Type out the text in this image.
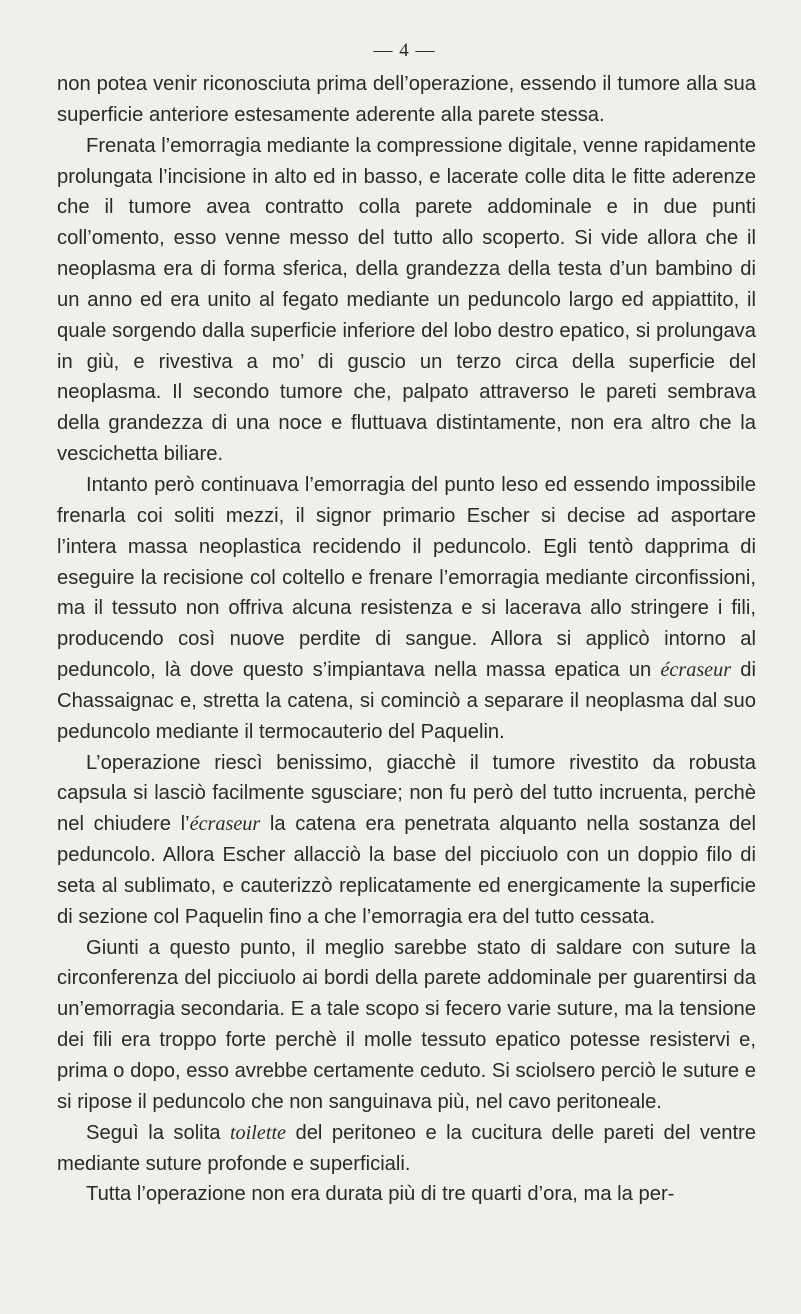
— 4 —

non potea venir riconosciuta prima dell’operazione, essendo il tumore alla sua superficie anteriore estesamente aderente alla parete stessa.

Frenata l’emorragia mediante la compressione digitale, venne rapidamente prolungata l’incisione in alto ed in basso, e lacerate colle dita le fitte aderenze che il tumore avea contratto colla parete addominale e in due punti coll’omento, esso venne messo del tutto allo scoperto. Si vide allora che il neoplasma era di forma sferica, della grandezza della testa d’un bambino di un anno ed era unito al fegato mediante un peduncolo largo ed appiattito, il quale sorgendo dalla superficie inferiore del lobo destro epatico, si prolungava in giù, e rivestiva a mo’ di guscio un terzo circa della superficie del neoplasma. Il secondo tumore che, palpato attraverso le pareti sembrava della grandezza di una noce e fluttuava distintamente, non era altro che la vescichetta biliare.

Intanto però continuava l’emorragia del punto leso ed essendo impossibile frenarla coi soliti mezzi, il signor primario Escher si decise ad asportare l’intera massa neoplastica recidendo il peduncolo. Egli tentò dapprima di eseguire la recisione col coltello e frenare l’emorragia mediante circonfissioni, ma il tessuto non offriva alcuna resistenza e si lacerava allo stringere i fili, producendo così nuove perdite di sangue. Allora si applicò intorno al peduncolo, là dove questo s’impiantava nella massa epatica un écraseur di Chassaignac e, stretta la catena, si cominciò a separare il neoplasma dal suo peduncolo mediante il termocauterio del Paquelin.

L’operazione riescì benissimo, giacchè il tumore rivestito da robusta capsula si lasciò facilmente sgusciare; non fu però del tutto incruenta, perchè nel chiudere l’écraseur la catena era penetrata alquanto nella sostanza del peduncolo. Allora Escher allacciò la base del picciuolo con un doppio filo di seta al sublimato, e cauterizzò replicatamente ed energicamente la superficie di sezione col Paquelin fino a che l’emorragia era del tutto cessata.

Giunti a questo punto, il meglio sarebbe stato di saldare con suture la circonferenza del picciuolo ai bordi della parete addominale per guarentirsi da un’emorragia secondaria. E a tale scopo si fecero varie suture, ma la tensione dei fili era troppo forte perchè il molle tessuto epatico potesse resistervi e, prima o dopo, esso avrebbe certamente ceduto. Si sciolsero perciò le suture e si ripose il peduncolo che non sanguinava più, nel cavo peritoneale.

Seguì la solita toilette del peritoneo e la cucitura delle pareti del ventre mediante suture profonde e superficiali.

Tutta l’operazione non era durata più di tre quarti d’ora, ma la per-
